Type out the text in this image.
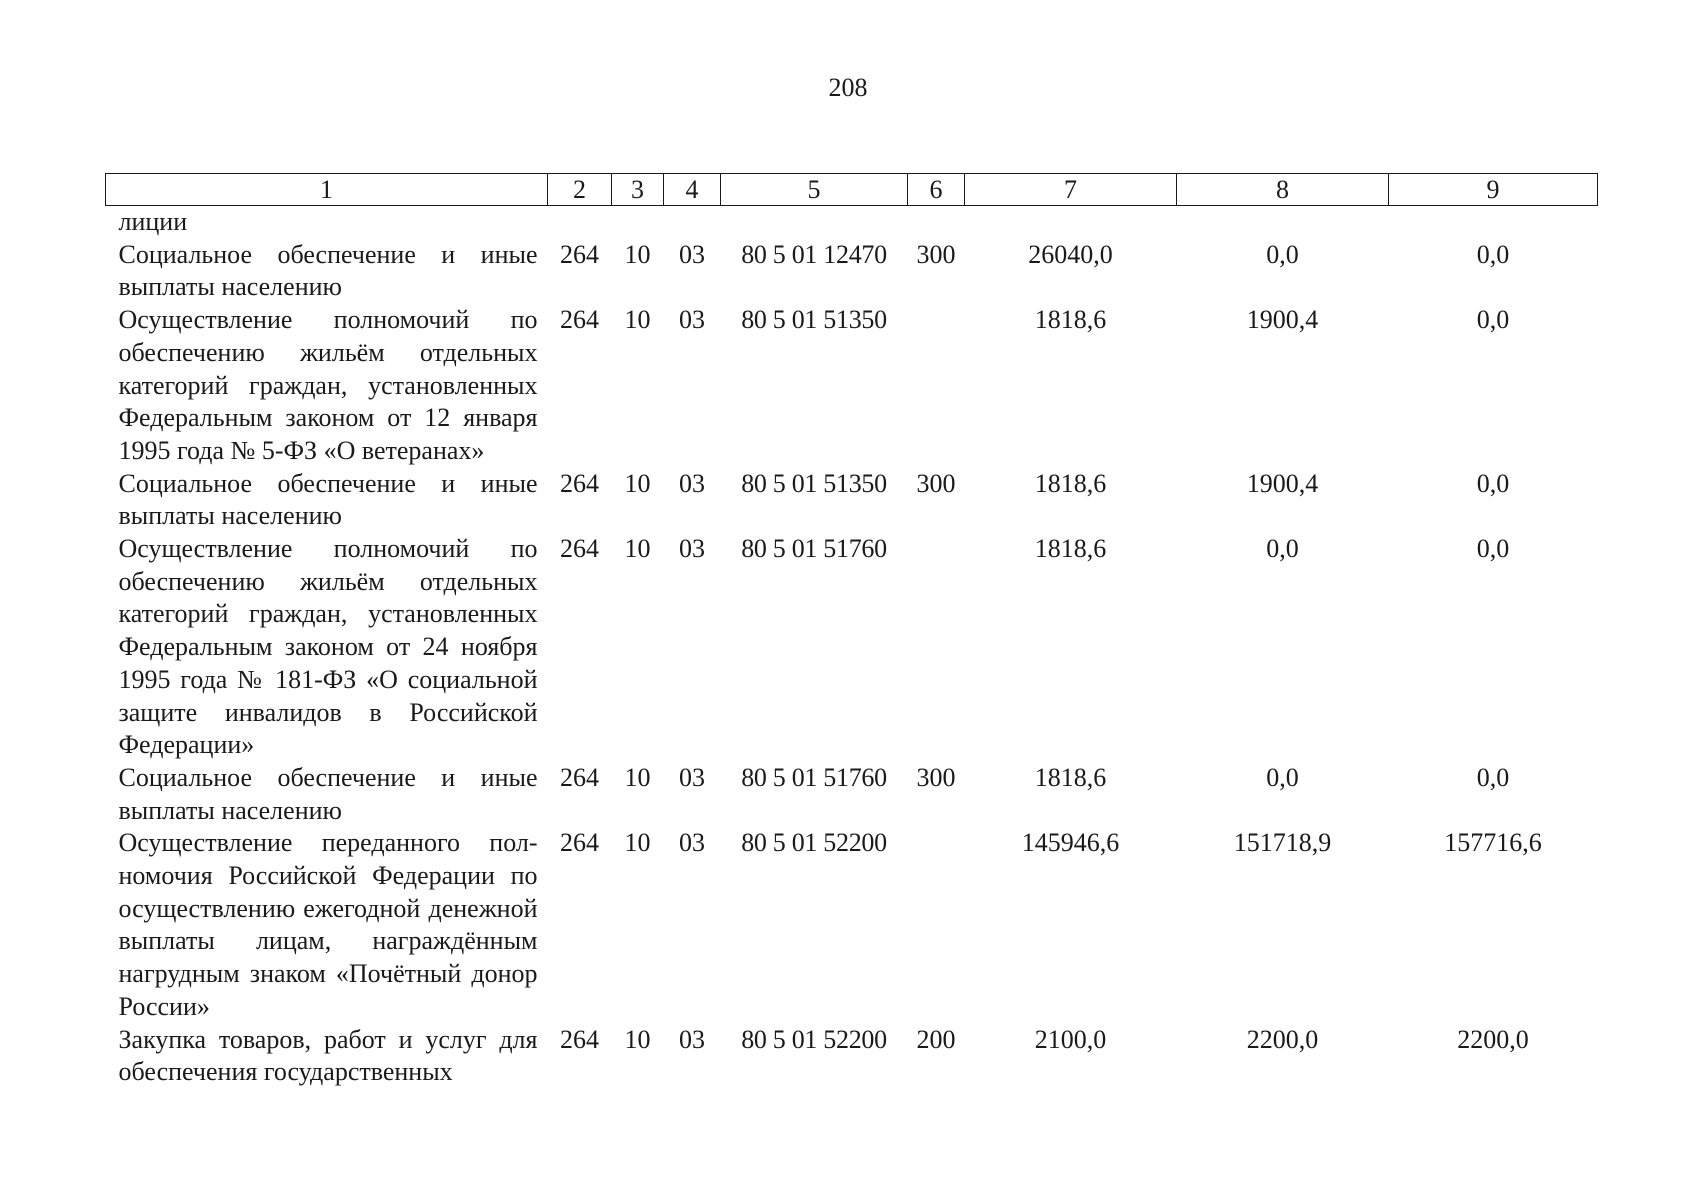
208
1	2	3	4	5	6	7	8	9
лиции								
Социальное обеспечение и иные выплаты населению	264	10	03	80 5 01 12470	300	26040,0	0,0	0,0
Осуществление полномочий по обеспечению жильём отдельных категорий граждан, установленных Федеральным законом от 12 января 1995 года № 5-ФЗ «О ветеранах»	264	10	03	80 5 01 51350		1818,6	1900,4	0,0
Социальное обеспечение и иные выплаты населению	264	10	03	80 5 01 51350	300	1818,6	1900,4	0,0
Осуществление полномочий по обеспечению жильём отдельных категорий граждан, установленных Федеральным законом от 24 ноября 1995 года № 181-ФЗ «О социальной защите инвалидов в Российской Федерации»	264	10	03	80 5 01 51760		1818,6	0,0	0,0
Социальное обеспечение и иные выплаты населению	264	10	03	80 5 01 51760	300	1818,6	0,0	0,0
Осуществление переданного полномочия Российской Федерации по осуществлению ежегодной денежной выплаты лицам, награждённым нагрудным знаком «Почётный донор России»	264	10	03	80 5 01 52200		145946,6	151718,9	157716,6
Закупка товаров, работ и услуг для обеспечения государственных	264	10	03	80 5 01 52200	200	2100,0	2200,0	2200,0
